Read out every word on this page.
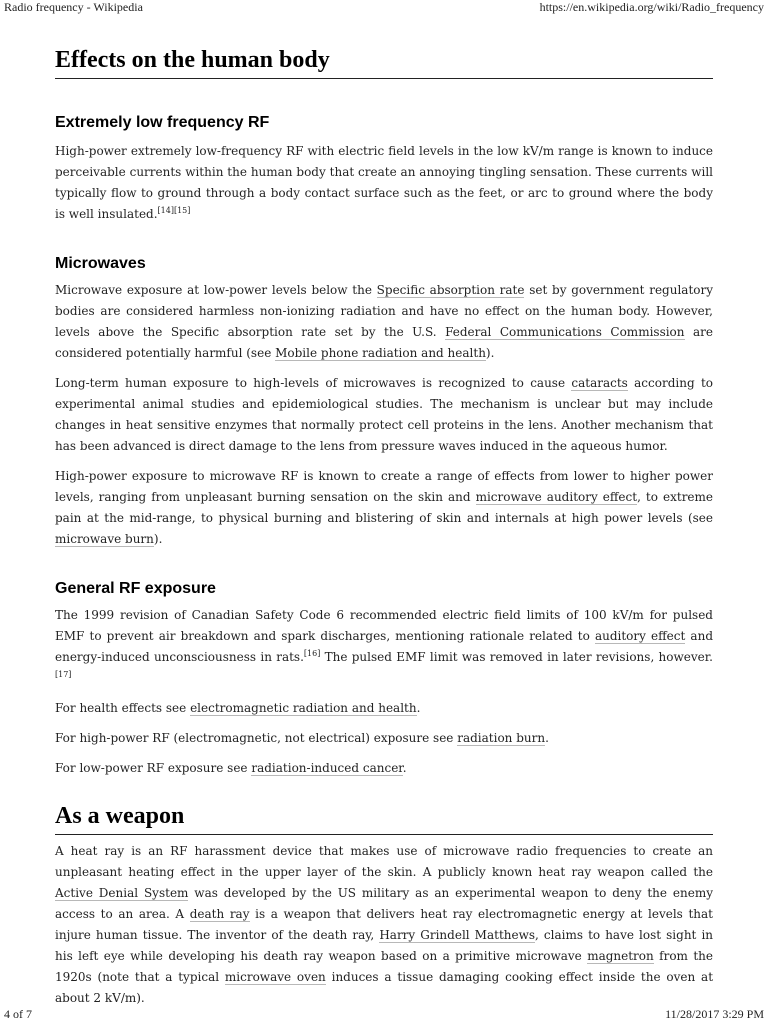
Radio frequency - Wikipedia	https://en.wikipedia.org/wiki/Radio_frequency
Effects on the human body
Extremely low frequency RF

High-power extremely low-frequency RF with electric field levels in the low kV/m range is known to induce perceivable currents within the human body that create an annoying tingling sensation. These currents will typically flow to ground through a body contact surface such as the feet, or arc to ground where the body is well insulated.[14][15]

Microwaves

Microwave exposure at low-power levels below the Specific absorption rate set by government regulatory bodies are considered harmless non-ionizing radiation and have no effect on the human body. However, levels above the Specific absorption rate set by the U.S. Federal Communications Commission are considered potentially harmful (see Mobile phone radiation and health).

Long-term human exposure to high-levels of microwaves is recognized to cause cataracts according to experimental animal studies and epidemiological studies. The mechanism is unclear but may include changes in heat sensitive enzymes that normally protect cell proteins in the lens. Another mechanism that has been advanced is direct damage to the lens from pressure waves induced in the aqueous humor.

High-power exposure to microwave RF is known to create a range of effects from lower to higher power levels, ranging from unpleasant burning sensation on the skin and microwave auditory effect, to extreme pain at the mid-range, to physical burning and blistering of skin and internals at high power levels (see microwave burn).

General RF exposure

The 1999 revision of Canadian Safety Code 6 recommended electric field limits of 100 kV/m for pulsed EMF to prevent air breakdown and spark discharges, mentioning rationale related to auditory effect and energy-induced unconsciousness in rats.[16] The pulsed EMF limit was removed in later revisions, however.[17]

For health effects see electromagnetic radiation and health.

For high-power RF (electromagnetic, not electrical) exposure see radiation burn.

For low-power RF exposure see radiation-induced cancer.

As a weapon

A heat ray is an RF harassment device that makes use of microwave radio frequencies to create an unpleasant heating effect in the upper layer of the skin. A publicly known heat ray weapon called the Active Denial System was developed by the US military as an experimental weapon to deny the enemy access to an area. A death ray is a weapon that delivers heat ray electromagnetic energy at levels that injure human tissue. The inventor of the death ray, Harry Grindell Matthews, claims to have lost sight in his left eye while developing his death ray weapon based on a primitive microwave magnetron from the 1920s (note that a typical microwave oven induces a tissue damaging cooking effect inside the oven at about 2 kV/m).

4 of 7	11/28/2017 3:29 PM
